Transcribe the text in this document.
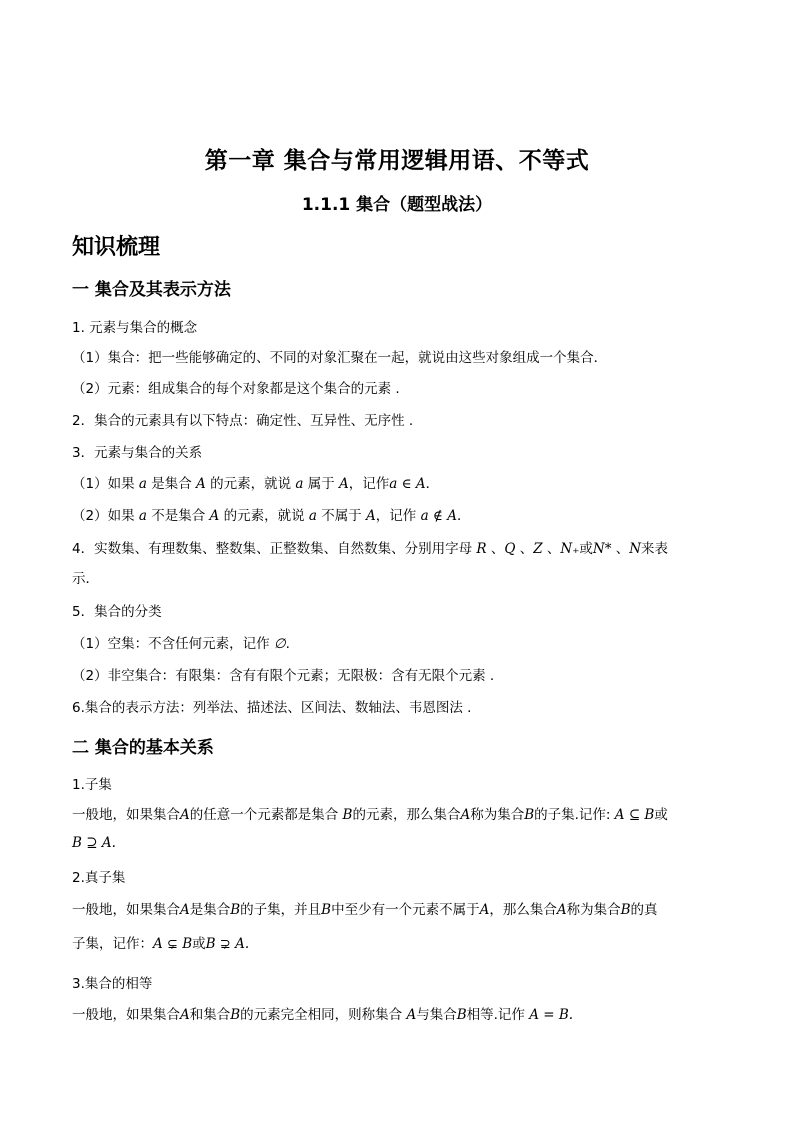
第一章 集合与常用逻辑用语、不等式
1.1.1 集合（题型战法）
知识梳理
一 集合及其表示方法
1. 元素与集合的概念
（1）集合：把一些能够确定的、不同的对象汇聚在一起，就说由这些对象组成一个集合．
（2）元素：组成集合的每个对象都是这个集合的元素 .
2．集合的元素具有以下特点：确定性、互异性、无序性 .
3．元素与集合的关系
（1）如果 a 是集合 A 的元素，就说 a 属于 A，记作a ∈ A．
（2）如果 a 不是集合 A 的元素，就说 a 不属于 A，记作 a ∉ A．
4．实数集、有理数集、整数集、正整数集、自然数集、分别用字母 R 、Q 、Z 、N₊或N* 、N来表
示．
5．集合的分类
（1）空集：不含任何元素，记作 ∅.
（2）非空集合：有限集：含有有限个元素；无限极：含有无限个元素 .
6.集合的表示方法：列举法、描述法、区间法、数轴法、韦恩图法 .
二 集合的基本关系
1.子集
一般地，如果集合A的任意一个元素都是集合 B的元素，那么集合A称为集合B的子集.记作: A ⊆ B或
B ⊇ A.
2.真子集
一般地，如果集合A是集合B的子集，并且B中至少有一个元素不属于A，那么集合A称为集合B的真
子集，记作：A ⊊ B或B ⊋ A.
3.集合的相等
一般地，如果集合A和集合B的元素完全相同，则称集合 A与集合B相等.记作 A = B.
